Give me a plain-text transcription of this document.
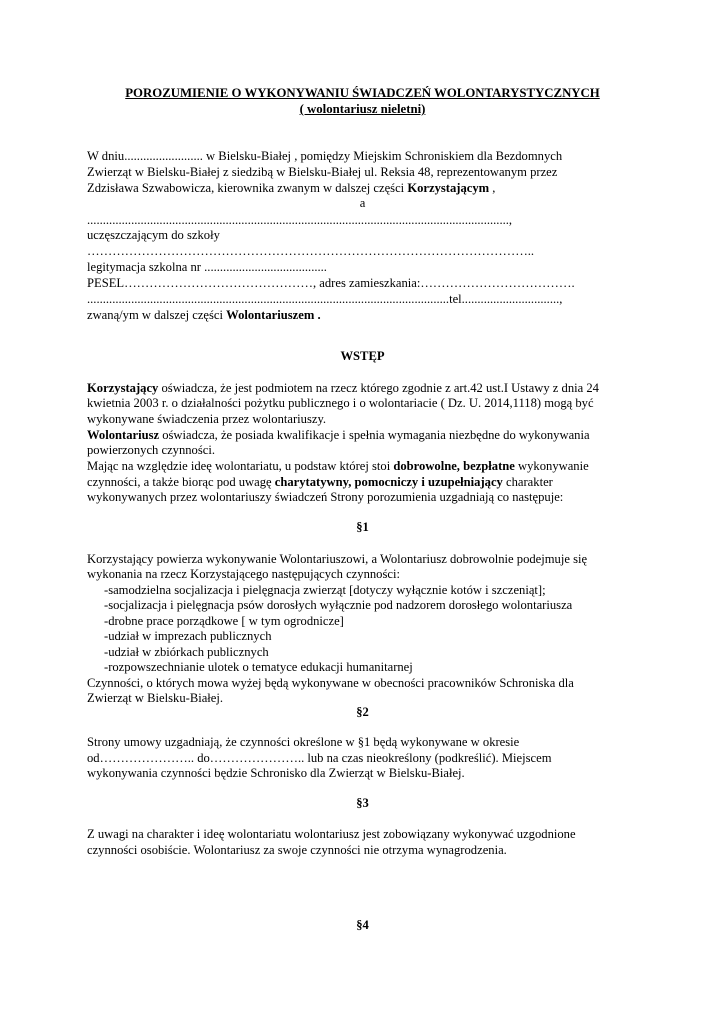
POROZUMIENIE O WYKONYWANIU ŚWIADCZEŃ WOLONTARYSTYCZNYCH
( wolontariusz nieletni)
W dniu......................... w Bielsku-Białej , pomiędzy Miejskim Schroniskiem dla Bezdomnych
Zwierząt w Bielsku-Białej z siedzibą w Bielsku-Białej ul. Reksia 48, reprezentowanym przez
Zdzisława Szwabowicza, kierownika zwanym w dalszej części Korzystającym ,
a
......................................................................................................................................,
uczęszczającym do szkoły
……………………………………………………………………………………………..
legitymacja szkolna nr .......................................
PESEL………………………………………, adres zamieszkania:……………………………….
...................................................................................................................tel...............................,
zwaną/ym w dalszej części Wolontariuszem .
WSTĘP
Korzystający oświadcza, że jest podmiotem na rzecz którego zgodnie z art.42 ust.I Ustawy z dnia 24
kwietnia 2003 r. o działalności pożytku publicznego i o wolontariacie ( Dz. U. 2014,1118) mogą być
wykonywane świadczenia przez wolontariuszy.
Wolontariusz oświadcza, że posiada kwalifikacje i spełnia wymagania niezbędne do wykonywania
powierzonych czynności.
Mając na względzie ideę wolontariatu, u podstaw której stoi dobrowolne, bezpłatne wykonywanie
czynności, a także biorąc pod uwagę charytatywny, pomocniczy i uzupełniający charakter
wykonywanych przez wolontariuszy świadczeń Strony porozumienia uzgadniają co następuje:
§1
Korzystający powierza wykonywanie Wolontariuszowi, a Wolontariusz dobrowolnie podejmuje się
wykonania na rzecz Korzystającego następujących czynności:
-samodzielna socjalizacja i pielęgnacja zwierząt [dotyczy wyłącznie kotów i szczeniąt];
-socjalizacja i pielęgnacja psów dorosłych wyłącznie pod nadzorem dorosłego wolontariusza
-drobne prace porządkowe [ w tym ogrodnicze]
-udział w imprezach publicznych
-udział w zbiórkach publicznych
-rozpowszechnianie ulotek o tematyce edukacji humanitarnej
Czynności, o których mowa wyżej będą wykonywane w obecności pracowników Schroniska dla
Zwierząt w Bielsku-Białej.
§2
Strony umowy uzgadniają, że czynności określone w §1 będą wykonywane w okresie
od………………….. do………………….. lub na czas nieokreślony (podkreślić). Miejscem
wykonywania czynności będzie Schronisko dla Zwierząt w Bielsku-Białej.
§3
Z uwagi na charakter i ideę wolontariatu wolontariusz jest zobowiązany wykonywać uzgodnione
czynności osobiście. Wolontariusz za swoje czynności nie otrzyma wynagrodzenia.
§4
